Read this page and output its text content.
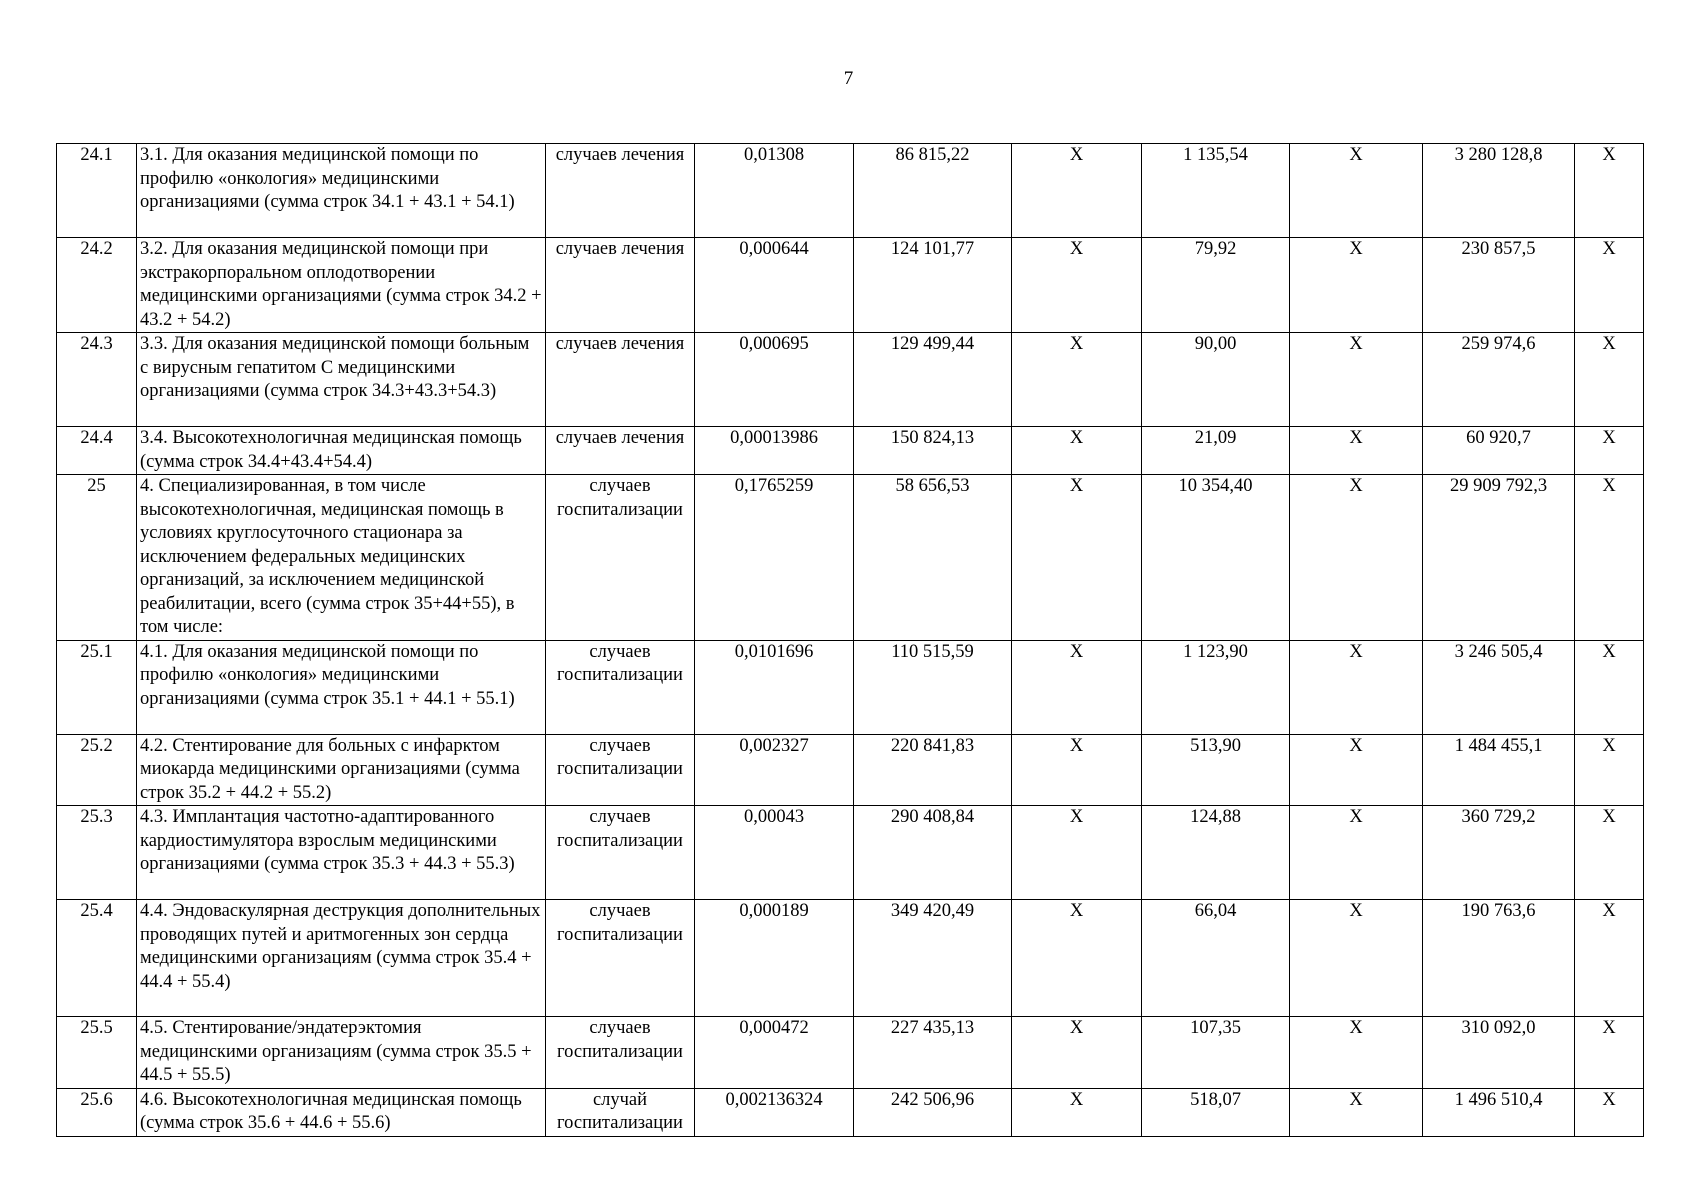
7
24.1	3.1. Для оказания медицинской помощи по профилю «онкология» медицинскими организациями (сумма строк 34.1 + 43.1 + 54.1)	случаев лечения	0,01308	86 815,22	Х	1 135,54	Х	3 280 128,8	Х
24.2	3.2. Для оказания медицинской помощи при экстракорпоральном оплодотворении медицинскими организациями (сумма строк 34.2 + 43.2 + 54.2)	случаев лечения	0,000644	124 101,77	Х	79,92	Х	230 857,5	Х
24.3	3.3. Для оказания медицинской помощи больным с вирусным гепатитом С медицинскими организациями (сумма строк 34.3+43.3+54.3)	случаев лечения	0,000695	129 499,44	Х	90,00	Х	259 974,6	Х
24.4	3.4. Высокотехнологичная медицинская помощь (сумма строк 34.4+43.4+54.4)	случаев лечения	0,00013986	150 824,13	Х	21,09	Х	60 920,7	Х
25	4. Специализированная, в том числе высокотехнологичная, медицинская помощь в условиях круглосуточного стационара за исключением федеральных медицинских организаций, за исключением медицинской реабилитации, всего (сумма строк 35+44+55), в том числе:	случаев госпитализации	0,1765259	58 656,53	Х	10 354,40	Х	29 909 792,3	Х
25.1	4.1. Для оказания медицинской помощи по профилю «онкология» медицинскими организациями (сумма строк 35.1 + 44.1 + 55.1)	случаев госпитализации	0,0101696	110 515,59	Х	1 123,90	Х	3 246 505,4	Х
25.2	4.2. Стентирование для больных с инфарктом миокарда медицинскими организациями (сумма строк 35.2 + 44.2 + 55.2)	случаев госпитализации	0,002327	220 841,83	Х	513,90	Х	1 484 455,1	Х
25.3	4.3. Имплантация частотно-адаптированного кардиостимулятора взрослым медицинскими организациями (сумма строк 35.3 + 44.3 + 55.3)	случаев госпитализации	0,00043	290 408,84	Х	124,88	Х	360 729,2	Х
25.4	4.4. Эндоваскулярная деструкция дополнительных проводящих путей и аритмогенных зон сердца медицинскими организациям (сумма строк 35.4 + 44.4 + 55.4)	случаев госпитализации	0,000189	349 420,49	Х	66,04	Х	190 763,6	Х
25.5	4.5. Стентирование/эндатерэктомия медицинскими организациям (сумма строк 35.5 + 44.5 + 55.5)	случаев госпитализации	0,000472	227 435,13	Х	107,35	Х	310 092,0	Х
25.6	4.6. Высокотехнологичная медицинская помощь (сумма строк 35.6 + 44.6 + 55.6)	случай госпитализации	0,002136324	242 506,96	Х	518,07	Х	1 496 510,4	Х
